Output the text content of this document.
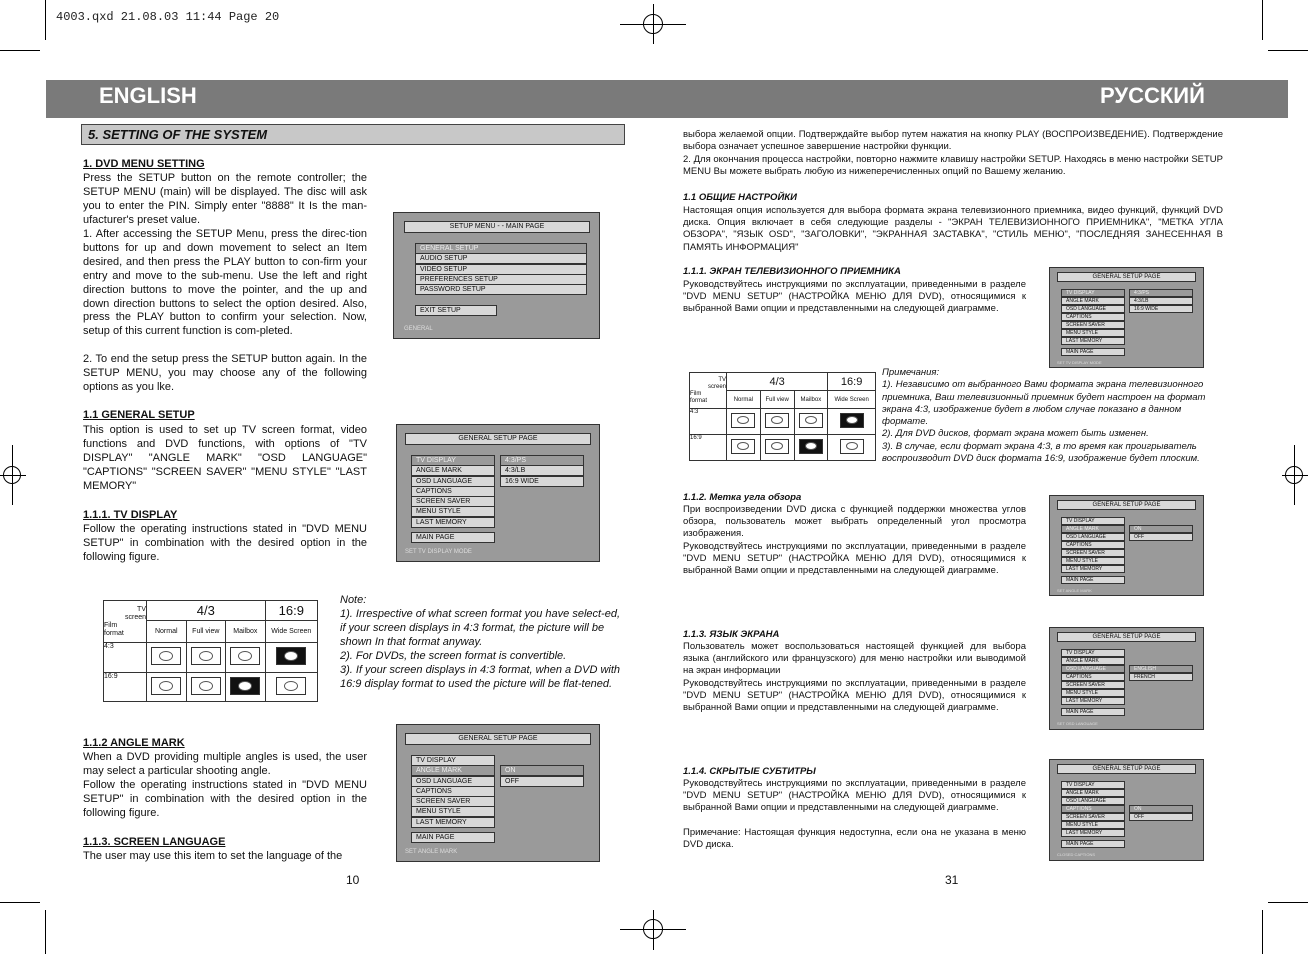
4003.qxd 21.08.03 11:44 Page 20
ENGLISH	РУССКИЙ
5. SETTING OF THE SYSTEM
1. DVD MENU SETTING
Press the SETUP button on the remote controller; the SETUP MENU (main) will be displayed. The disc will ask you to enter the PIN. Simply enter "8888" It Is the man-ufacturer's preset value.
1. After accessing the SETUP Menu, press the direc-tion buttons for up and down movement to select an Item desired, and then press the PLAY button to con-firm your entry and move to the sub-menu. Use the left and right direction buttons to move the pointer, and the up and down direction buttons to select the option desired. Also, press the PLAY button to confirm your selection. Now, setup of this current function is com-pleted.
2. To end the setup press the SETUP button again. In the SETUP MENU, you may choose any of the following options as you lke.
1.1 GENERAL SETUP
This option is used to set up TV screen format, video functions and DVD functions, with options of "TV DISPLAY" "ANGLE MARK" "OSD LANGUAGE" "CAPTIONS" "SCREEN SAVER" "MENU STYLE" "LAST MEMORY"
1.1.1. TV DISPLAY
Follow the operating instructions stated in "DVD MENU SETUP" in combination with the desired option in the following figure.
Note:
1). Irrespective of what screen format you have select-ed, if your screen displays in 4:3 format, the picture will be shown In that format anyway.
2). For DVDs, the screen format is convertible.
3). If your screen displays in 4:3 format, when a DVD with 16:9 display format to used the picture will be flat-tened.
1.1.2 ANGLE MARK
When a DVD providing multiple angles is used, the user may select a particular shooting angle.
Follow the operating instructions stated in "DVD MENU SETUP" in combination with the desired option in the following figure.
1.1.3. SCREEN LANGUAGE
The user may use this item to set the language of the
10
SETUP MENU - - MAIN PAGE
GENERAL SETUP
AUDIO SETUP
VIDEO SETUP
PREFERENCES SETUP
PASSWORD SETUP
EXIT SETUP
GENERAL
GENERAL SETUP PAGE
TV DISPLAY
ANGLE MARK
OSD LANGUAGE
CAPTIONS
SCREEN SAVER
MENU STYLE
LAST MEMORY
4:3/PS
4:3/LB
16:9 WIDE
MAIN PAGE
SET TV DISPLAY MODE
TV
screen
Film
format	4/3			16:9
	Normal	Full view	Mailbox	Wide Screen
4:3	

16:9	

GENERAL SETUP PAGE
TV DISPLAY
ANGLE MARK
OSD LANGUAGE
CAPTIONS
SCREEN SAVER
MENU STYLE
LAST MEMORY
ON
OFF
MAIN PAGE
SET ANGLE MARK
выбора желаемой опции. Подтверждайте выбор путем нажатия на кнопку PLAY (ВОСПРОИЗВЕДЕНИЕ). Подтверждение выбора означает успешное завершение настройки функции.
2. Для окончания процесса настройки, повторно нажмите клавишу настройки SETUP. Находясь в меню настройки SETUP MENU Вы можете выбрать любую из нижеперечисленных опций по Вашему желанию.
1.1 ОБЩИЕ НАСТРОЙКИ
Настоящая опция используется для выбора формата экрана телевизионного приемника, видео функций, функций DVD диска. Опция включает в себя следующие разделы - "ЭКРАН ТЕЛЕВИЗИОННОГО ПРИЕМНИКА", "МЕТКА УГЛА ОБЗОРА", "ЯЗЫК OSD", "ЗАГОЛОВКИ", "ЭКРАННАЯ ЗАСТАВКА", "СТИЛЬ МЕНЮ", "ПОСЛЕДНЯЯ ЗАНЕСЕННАЯ В ПАМЯТЬ ИНФОРМАЦИЯ"
1.1.1. ЭКРАН ТЕЛЕВИЗИОННОГО ПРИЕМНИКА
Руководствуйтесь инструкциями по эксплуатации, приведенными в разделе "DVD MENU SETUP" (НАСТРОЙКА МЕНЮ ДЛЯ DVD), относящимися к выбранной Вами опции и представленными на следующей диаграмме.
Примечания:
1). Независимо от выбранного Вами формата экрана телевизионного приемника, Ваш телевизионный приемник будет настроен на формат экрана 4:3, изображение будет в любом случае показано в данном формате.
2). Для DVD дисков, формат экрана может быть изменен.
3). В случае, если формат экрана 4:3, в то время как проигрыватель воспроизводит DVD диск формата 16:9, изображение будет плоским.
1.1.2. Метка угла обзора
При воспроизведении DVD диска с функцией поддержки множества углов обзора, пользователь может выбрать определенный угол просмотра изображения.
Руководствуйтесь инструкциями по эксплуатации, приведенными в разделе "DVD MENU SETUP" (НАСТРОЙКА МЕНЮ ДЛЯ DVD), относящимися к выбранной Вами опции и представленными на следующей диаграмме.
1.1.3. ЯЗЫК ЭКРАНА
Пользователь может воспользоваться настоящей функцией для выбора языка (английского или французского) для меню настройки или выводимой на экран информации
Руководствуйтесь инструкциями по эксплуатации, приведенными в разделе "DVD MENU SETUP" (НАСТРОЙКА МЕНЮ ДЛЯ DVD), относящимися к выбранной Вами опции и представленными на следующей диаграмме.
1.1.4. СКРЫТЫЕ СУБТИТРЫ
Руководствуйтесь инструкциями по эксплуатации, приведенными в разделе "DVD MENU SETUP" (НАСТРОЙКА МЕНЮ ДЛЯ DVD), относящимися к выбранной Вами опции и представленными на следующей диаграмме.
Примечание: Настоящая функция недоступна, если она не указана в меню DVD диска.
31
TV
screen
Film
format	4/3			16:9
	Normal	Full view	Mailbox	Wide Screen
4:3	

16:9	

GENERAL SETUP PAGE
TV DISPLAY
ANGLE MARK
OSD LANGUAGE
CAPTIONS
SCREEN SAVER
MENU STYLE
LAST MEMORY
4:3/PS
4:3/LB
16:9 WIDE
MAIN PAGE
SET TV DISPLAY MODE
GENERAL SETUP PAGE
TV DISPLAY
ANGLE MARK
OSD LANGUAGE
CAPTIONS
SCREEN SAVER
MENU STYLE
LAST MEMORY
ON
OFF
MAIN PAGE
SET ANGLE MARK
GENERAL SETUP PAGE
TV DISPLAY
ANGLE MARK
OSD LANGUAGE
CAPTIONS
SCREEN SAVER
MENU STYLE
LAST MEMORY
ENGLISH
FRENCH
MAIN PAGE
SET OSD LANGUAGE
GENERAL SETUP PAGE
TV DISPLAY
ANGLE MARK
OSD LANGUAGE
CAPTIONS
SCREEN SAVER
MENU STYLE
LAST MEMORY
ON
OFF
MAIN PAGE
CLOSED CAPTIONS
